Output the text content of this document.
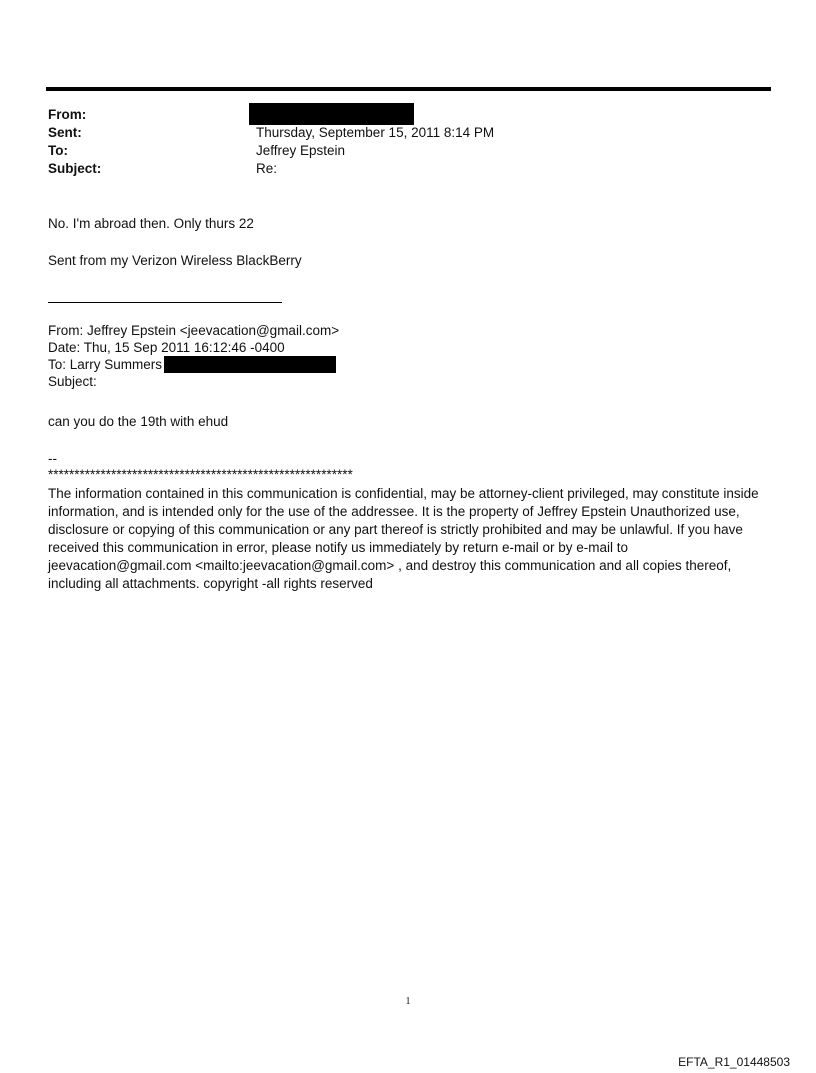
From:
Sent:	Thursday, September 15, 2011 8:14 PM
To:	Jeffrey Epstein
Subject:	Re:
No. I'm abroad then. Only thurs 22
Sent from my Verizon Wireless BlackBerry
From: Jeffrey Epstein <jeevacation@gmail.com>
Date: Thu, 15 Sep 2011 16:12:46 -0400
To: Larry Summers
Subject:
can you do the 19th with ehud
--
**********************************************************
The information contained in this communication is confidential, may be attorney-client privileged, may constitute inside information, and is intended only for the use of the addressee. It is the property of Jeffrey Epstein Unauthorized use, disclosure or copying of this communication or any part thereof is strictly prohibited and may be unlawful. If you have received this communication in error, please notify us immediately by return e-mail or by e-mail to jeevacation@gmail.com <mailto:jeevacation@gmail.com> , and destroy this communication and all copies thereof, including all attachments. copyright -all rights reserved
1
EFTA_R1_01448503
